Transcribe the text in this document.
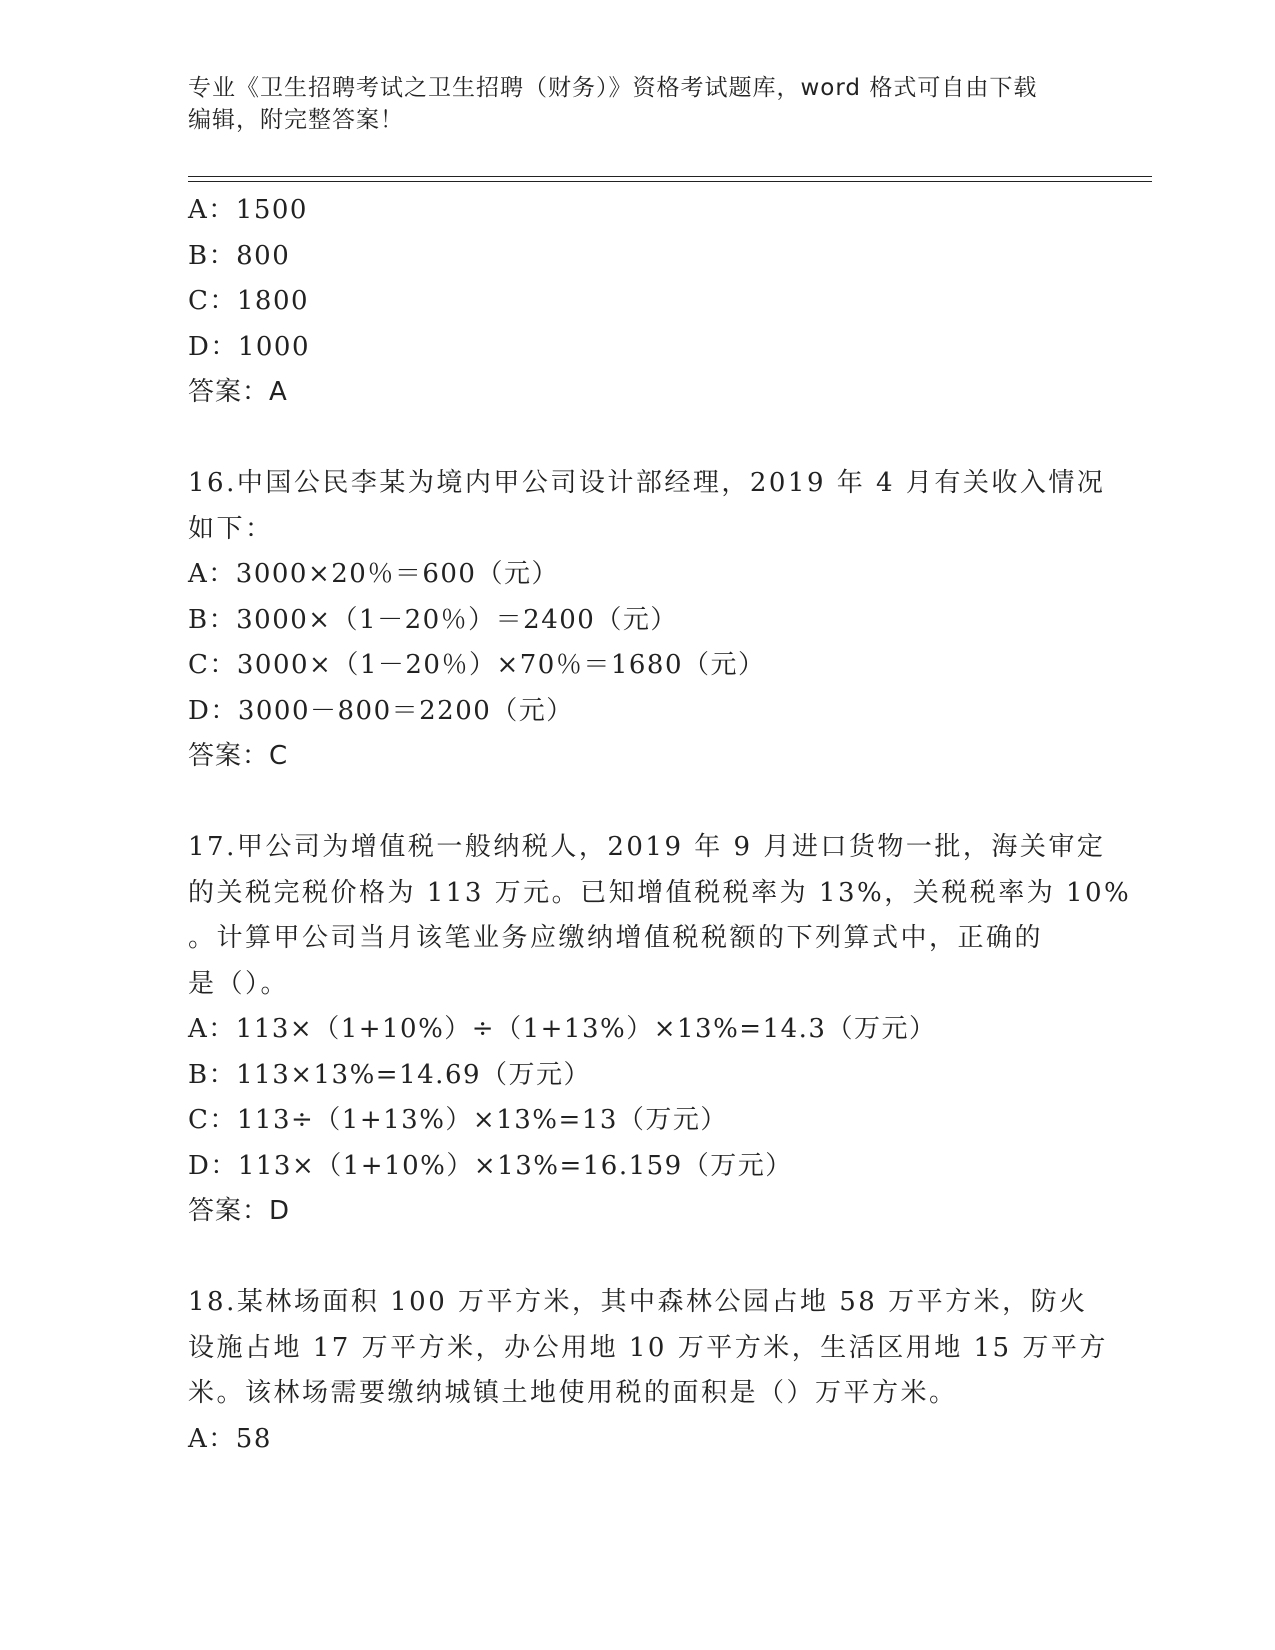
专业《卫生招聘考试之卫生招聘（财务）》资格考试题库，word 格式可自由下载
编辑，附完整答案！
A：1500
B：800
C：1800
D：1000
答案：A
16.中国公民李某为境内甲公司设计部经理，2019 年 4 月有关收入情况
如下：
A：3000×20％＝600（元）
B：3000×（1－20％）＝2400（元）
C：3000×（1－20％）×70％＝1680（元）
D：3000－800＝2200（元）
答案：C
17.甲公司为增值税一般纳税人，2019 年 9 月进口货物一批，海关审定
的关税完税价格为 113 万元。已知增值税税率为 13%，关税税率为 10%
。计算甲公司当月该笔业务应缴纳增值税税额的下列算式中，正确的
是（）。
A：113×（1+10%）÷（1+13%）×13%=14.3（万元）
B：113×13%=14.69（万元）
C：113÷（1+13%）×13%=13（万元）
D：113×（1+10%）×13%=16.159（万元）
答案：D
18.某林场面积 100 万平方米，其中森林公园占地 58 万平方米，防火
设施占地 17 万平方米，办公用地 10 万平方米，生活区用地 15 万平方
米。该林场需要缴纳城镇土地使用税的面积是（）万平方米。
A：58
